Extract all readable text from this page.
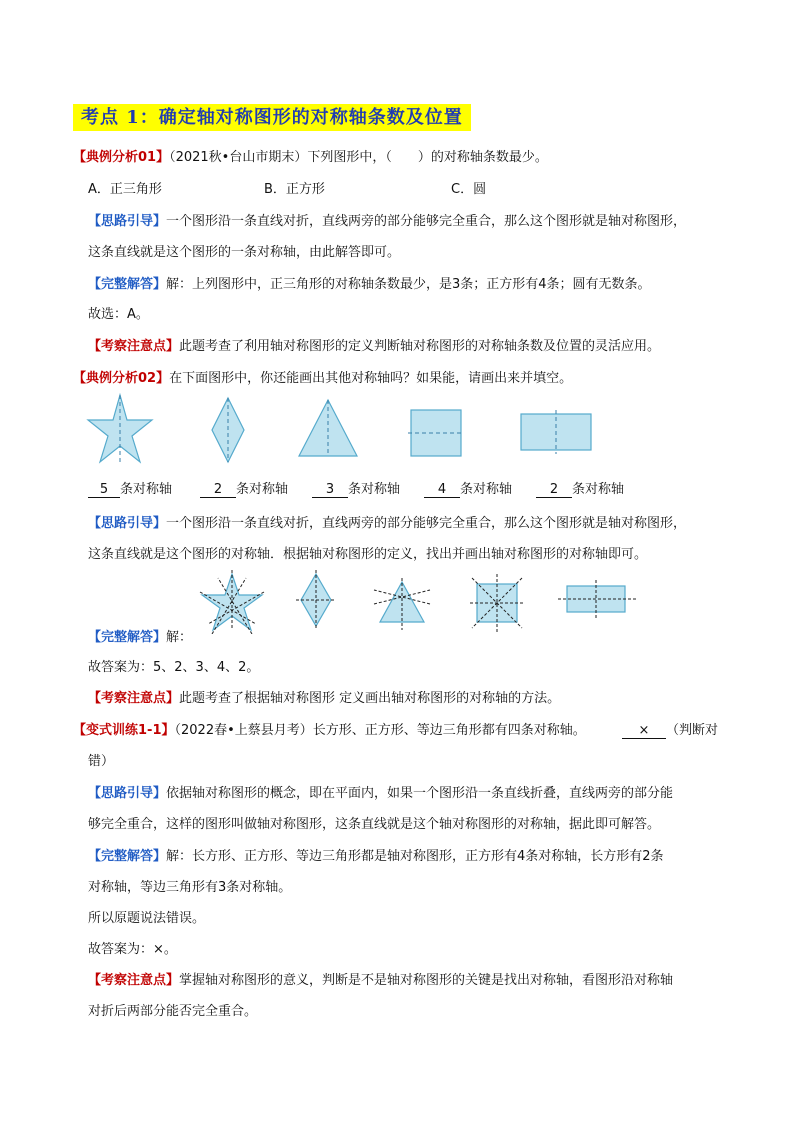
考点 1：确定轴对称图形的对称轴条数及位置
【典例分析01】（2021秋•台山市期末）下列图形中，（　　）的对称轴条数最少。
A．正三角形	B．正方形	C．圆
【思路引导】一个图形沿一条直线对折，直线两旁的部分能够完全重合，那么这个图形就是轴对称图形，
这条直线就是这个图形的一条对称轴，由此解答即可。
【完整解答】解：上列图形中，正三角形的对称轴条数最少，是3条；正方形有4条；圆有无数条。
故选：A。
【考察注意点】此题考查了利用轴对称图形的定义判断轴对称图形的对称轴条数及位置的灵活应用。
【典例分析02】在下面图形中，你还能画出其他对称轴吗？如果能，请画出来并填空。
5 条对称轴	2 条对称轴	3 条对称轴	4 条对称轴	2 条对称轴
【思路引导】一个图形沿一条直线对折，直线两旁的部分能够完全重合，那么这个图形就是轴对称图形，
这条直线就是这个图形的对称轴．根据轴对称图形的定义，找出并画出轴对称图形的对称轴即可。
【完整解答】解：
故答案为：5、2、3、4、2。
【考察注意点】此题考查了根据轴对称图形 定义画出轴对称图形的对称轴的方法。
【变式训练1-1】（2022春•上蔡县月考）长方形、正方形、等边三角形都有四条对称轴。	× （判断对
错）
【思路引导】依据轴对称图形的概念，即在平面内，如果一个图形沿一条直线折叠，直线两旁的部分能
够完全重合，这样的图形叫做轴对称图形，这条直线就是这个轴对称图形的对称轴，据此即可解答。
【完整解答】解：长方形、正方形、等边三角形都是轴对称图形，正方形有4条对称轴，长方形有2条
对称轴，等边三角形有3条对称轴。
所以原题说法错误。
故答案为：×。
【考察注意点】掌握轴对称图形的意义，判断是不是轴对称图形的关键是找出对称轴，看图形沿对称轴
对折后两部分能否完全重合。
